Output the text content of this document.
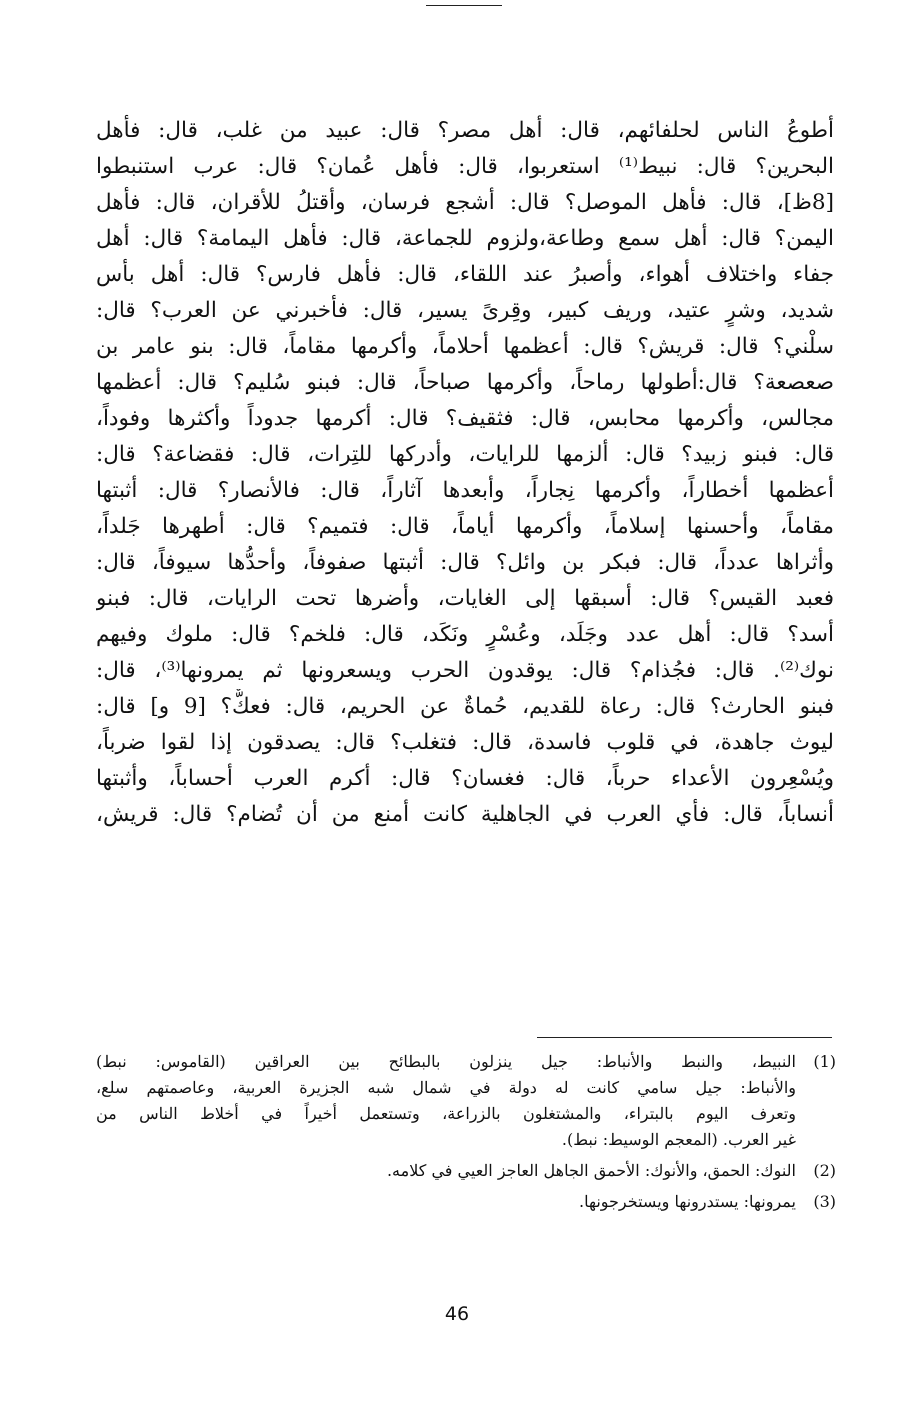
أطوعُ الناس لحلفائهم، قال: أهل مصر؟ قال: عبيد من غلب، قال: فأهل
البحرين؟ قال: نبيط⁽¹⁾ استعربوا، قال: فأهل عُمان؟ قال: عرب استنبطوا
[8ظ]، قال: فأهل الموصل؟ قال: أشجع فرسان، وأقتلُ للأقران، قال: فأهل
اليمن؟ قال: أهل سمع وطاعة،ولزوم للجماعة، قال: فأهل اليمامة؟ قال: أهل
جفاء واختلاف أهواء، وأصبرُ عند اللقاء، قال: فأهل فارس؟ قال: أهل بأس
شديد، وشرٍ عتيد، وريف كبير، وقِرىً يسير، قال: فأخبرني عن العرب؟ قال:
سلْني؟ قال: قريش؟ قال: أعظمها أحلاماً، وأكرمها مقاماً، قال: بنو عامر بن
صعصعة؟ قال:أطولها رماحاً، وأكرمها صباحاً، قال: فبنو سُليم؟ قال: أعظمها
مجالس، وأكرمها محابس، قال: فثقيف؟ قال: أكرمها جدوداً وأكثرها وفوداً،
قال: فبنو زبيد؟ قال: ألزمها للرايات، وأدركها للتِرات، قال: فقضاعة؟ قال:
أعظمها أخطاراً، وأكرمها نِجاراً، وأبعدها آثاراً، قال: فالأنصار؟ قال: أثبتها
مقاماً، وأحسنها إسلاماً، وأكرمها أياماً، قال: فتميم؟ قال: أطهرها جَلداً،
وأثراها عدداً، قال: فبكر بن وائل؟ قال: أثبتها صفوفاً، وأحدُّها سيوفاً، قال:
فعبد القيس؟ قال: أسبقها إلى الغايات، وأضرها تحت الرايات، قال: فبنو
أسد؟ قال: أهل عدد وجَلَد، وعُسْرٍ ونَكَد، قال: فلخم؟ قال: ملوك وفيهم
نوك⁽²⁾. قال: فجُذام؟ قال: يوقدون الحرب ويسعرونها ثم يمرونها⁽³⁾، قال:
فبنو الحارث؟ قال: رعاة للقديم، حُماةٌ عن الحريم، قال: فعكٌّ؟ [9 و] قال:
ليوث جاهدة، في قلوب فاسدة، قال: فتغلب؟ قال: يصدقون إذا لقوا ضرباً،
ويُسْعِرون الأعداء حرباً، قال: فغسان؟ قال: أكرم العرب أحساباً، وأثبتها
أنساباً، قال: فأي العرب في الجاهلية كانت أمنع من أن تُضام؟ قال: قريش،
(1)
النبيط، والنبط والأنباط: جيل ينزلون بالبطائح بين العراقين (القاموس: نبط)
والأنباط: جيل سامي كانت له دولة في شمال شبه الجزيرة العربية، وعاصمتهم سلع،
وتعرف اليوم بالبتراء، والمشتغلون بالزراعة، وتستعمل أخيراً في أخلاط الناس من
غير العرب. (المعجم الوسيط: نبط).
(2)
النوك: الحمق، والأنوك: الأحمق الجاهل العاجز العيي في كلامه.
(3)
يمرونها: يستدرونها ويستخرجونها.
46
